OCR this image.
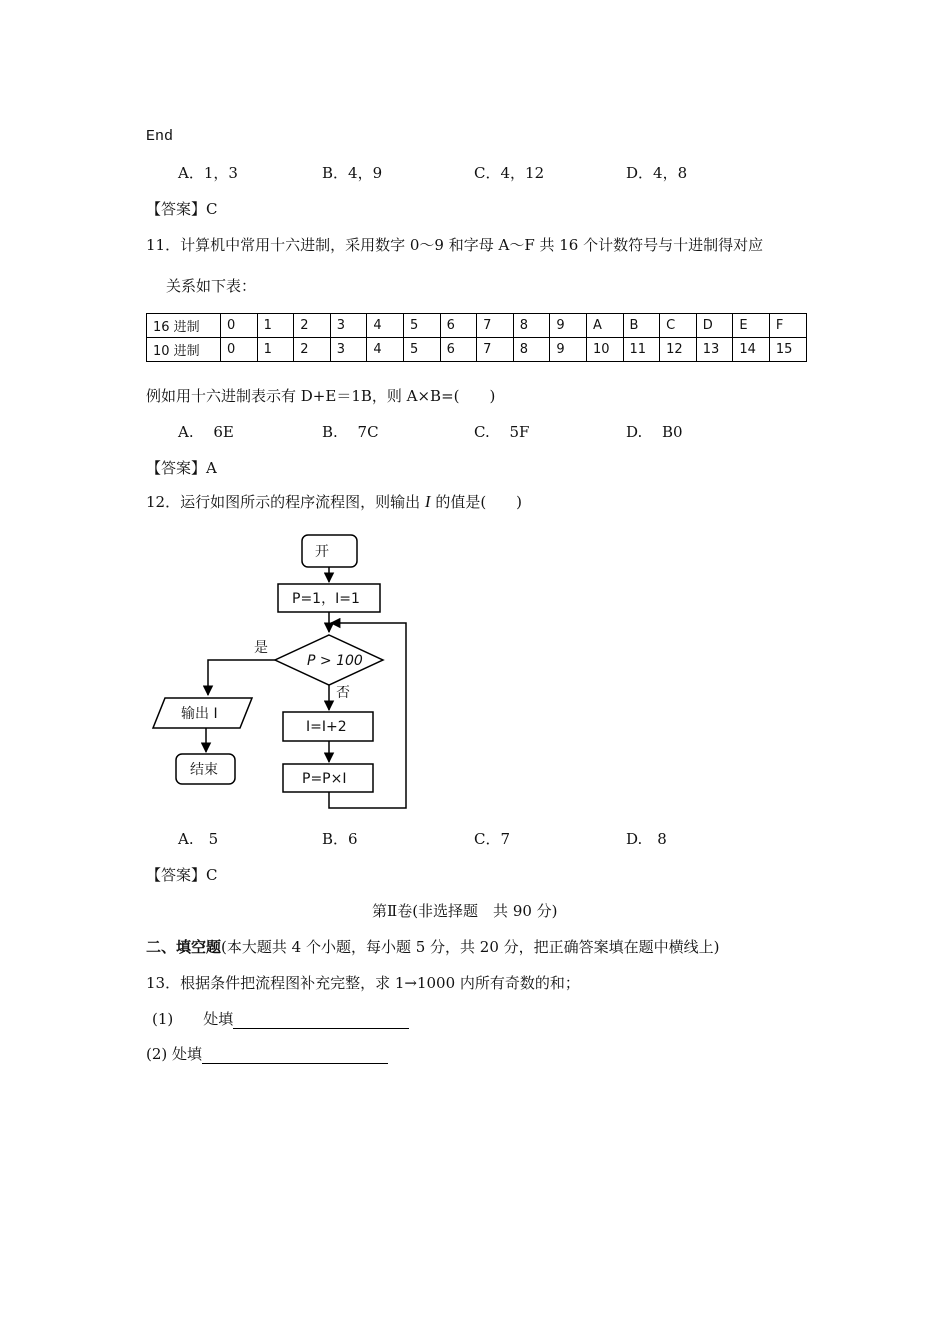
End
A．1，3	B．4，9	C．4，12	D．4，8
【答案】C
11．计算机中常用十六进制，采用数字 0～9 和字母 A～F 共 16 个计数符号与十进制得对应
关系如下表：
16 进制	0	1	2	3	4	5	6	7	8	9	A	B	C	D	E	F
10 进制	0	1	2	3	4	5	6	7	8	9	10	11	12	13	14	15
例如用十六进制表示有 D+E＝1B，则 A×B=(　　)
A.　 6E	B.　 7C	C.　 5F	D.　 B0
【答案】A
12．运行如图所示的程序流程图，则输出 I 的值是(　　)
开
P=1，I=1
P > 100
是
否
输出 I
结束
I=I+2
P=P×I
A.　5	B．6	C．7	D.　8
【答案】C
第Ⅱ卷(非选择题　共 90 分)
二、填空题(本大题共 4 个小题，每小题 5 分，共 20 分，把正确答案填在题中横线上)
13．根据条件把流程图补充完整，求 1→1000 内所有奇数的和；
(1)　　处填
(2) 处填
